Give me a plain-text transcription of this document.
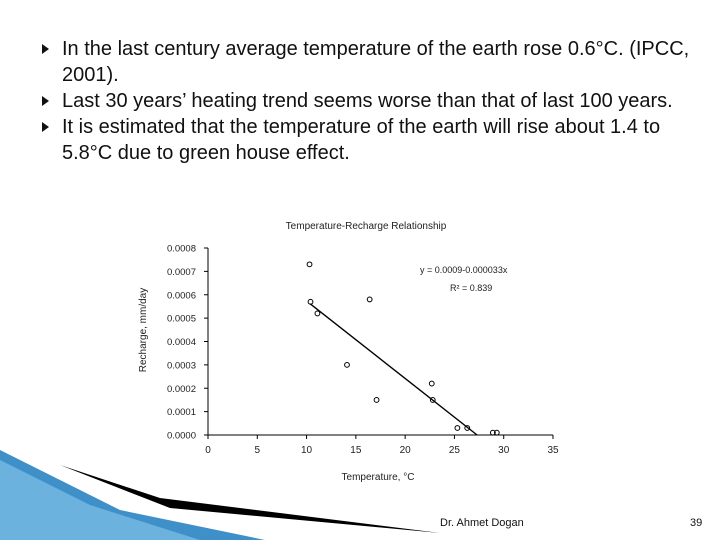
In the last century average temperature of the earth rose 0.6°C. (IPCC, 2001).
Last 30 years’ heating trend seems worse than that of last 100 years.
It is estimated that the temperature of the earth will rise about 1.4 to 5.8°C due to green house effect.
Temperature-Recharge Relationship
Recharge, mm/day
Temperature, °C
y = 0.0009-0.000033x
R² = 0.839
0	5	10	15	20	25	30	35
0.0000
0.0001
0.0002
0.0003
0.0004
0.0005
0.0006
0.0007
0.0008
Dr. Ahmet Dogan	39
